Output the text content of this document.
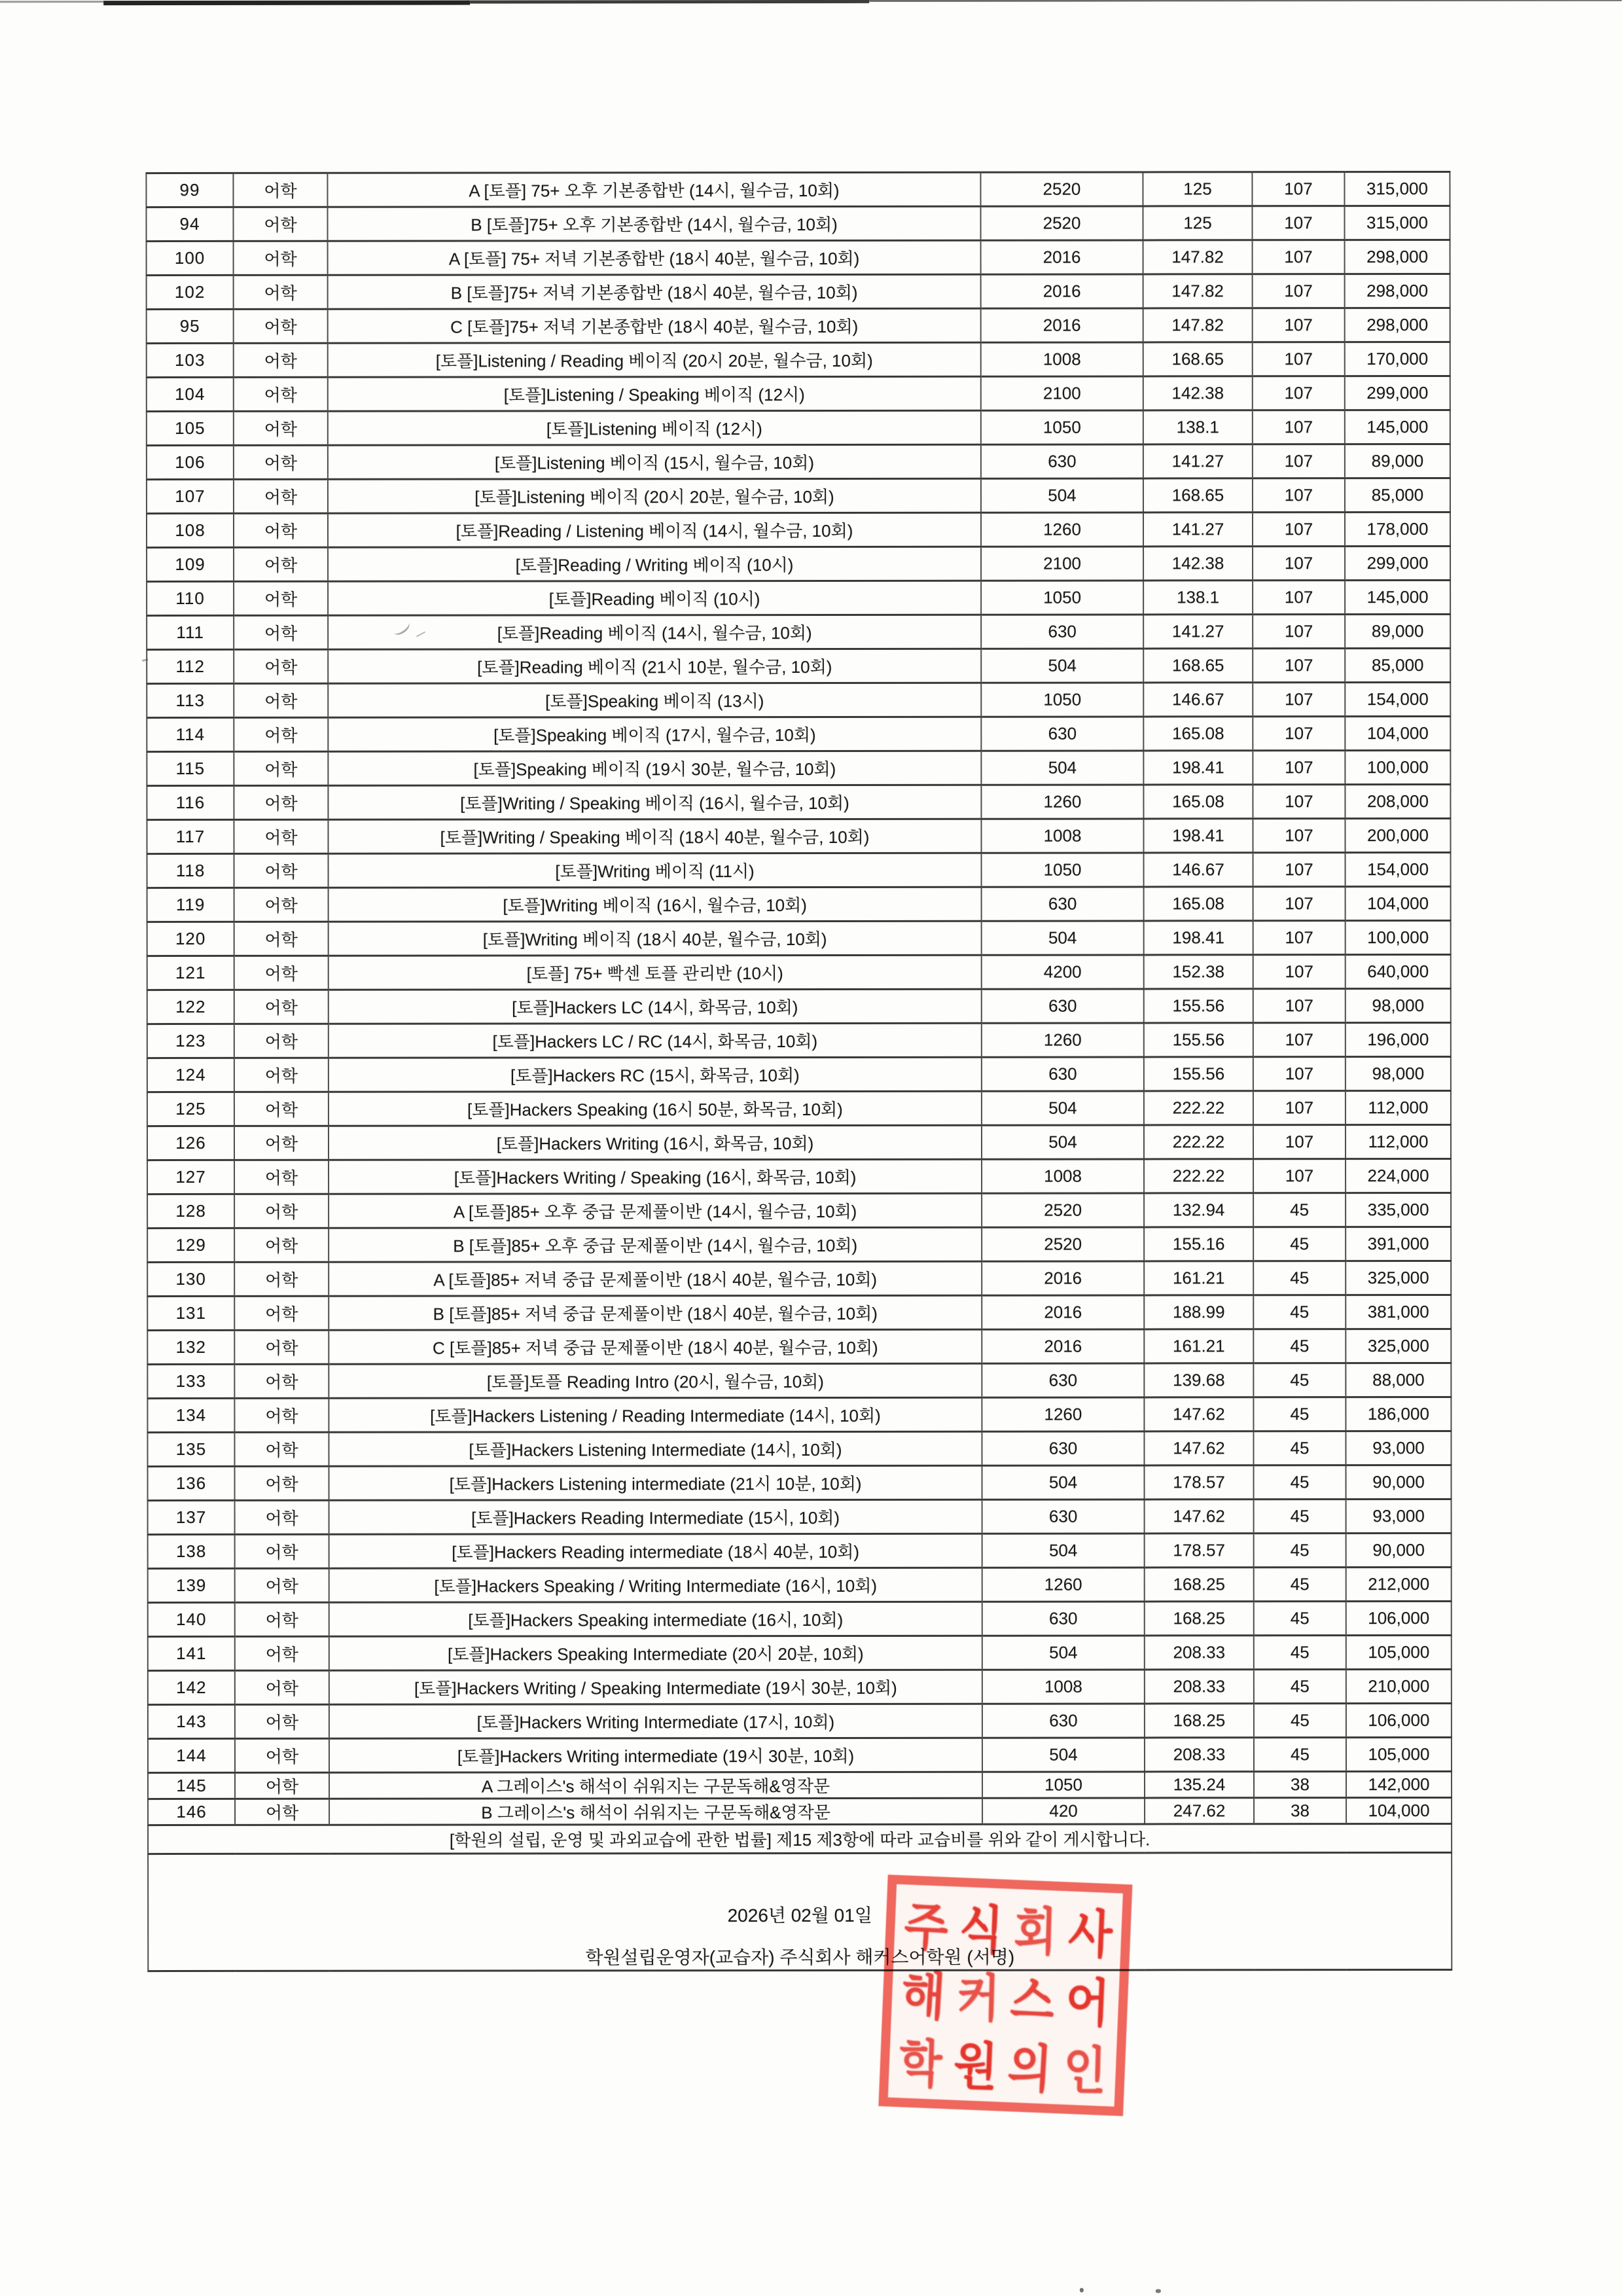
99	어학	A [토플] 75+ 오후 기본종합반 (14시, 월수금, 10회)	2520	125	107	315,000
94	어학	B [토플]75+ 오후 기본종합반 (14시, 월수금, 10회)	2520	125	107	315,000
100	어학	A [토플] 75+ 저녁 기본종합반 (18시 40분, 월수금, 10회)	2016	147.82	107	298,000
102	어학	B [토플]75+ 저녁 기본종합반 (18시 40분, 월수금, 10회)	2016	147.82	107	298,000
95	어학	C [토플]75+ 저녁 기본종합반 (18시 40분, 월수금, 10회)	2016	147.82	107	298,000
103	어학	[토플]Listening / Reading 베이직 (20시 20분, 월수금, 10회)	1008	168.65	107	170,000
104	어학	[토플]Listening / Speaking 베이직 (12시)	2100	142.38	107	299,000
105	어학	[토플]Listening 베이직 (12시)	1050	138.1	107	145,000
106	어학	[토플]Listening 베이직 (15시, 월수금, 10회)	630	141.27	107	89,000
107	어학	[토플]Listening 베이직 (20시 20분, 월수금, 10회)	504	168.65	107	85,000
108	어학	[토플]Reading / Listening 베이직 (14시, 월수금, 10회)	1260	141.27	107	178,000
109	어학	[토플]Reading / Writing 베이직 (10시)	2100	142.38	107	299,000
110	어학	[토플]Reading 베이직 (10시)	1050	138.1	107	145,000
111	어학	[토플]Reading 베이직 (14시, 월수금, 10회)	630	141.27	107	89,000
112	어학	[토플]Reading 베이직 (21시 10분, 월수금, 10회)	504	168.65	107	85,000
113	어학	[토플]Speaking 베이직 (13시)	1050	146.67	107	154,000
114	어학	[토플]Speaking 베이직 (17시, 월수금, 10회)	630	165.08	107	104,000
115	어학	[토플]Speaking 베이직 (19시 30분, 월수금, 10회)	504	198.41	107	100,000
116	어학	[토플]Writing / Speaking 베이직 (16시, 월수금, 10회)	1260	165.08	107	208,000
117	어학	[토플]Writing / Speaking 베이직 (18시 40분, 월수금, 10회)	1008	198.41	107	200,000
118	어학	[토플]Writing 베이직 (11시)	1050	146.67	107	154,000
119	어학	[토플]Writing 베이직 (16시, 월수금, 10회)	630	165.08	107	104,000
120	어학	[토플]Writing 베이직 (18시 40분, 월수금, 10회)	504	198.41	107	100,000
121	어학	[토플] 75+ 빡센 토플 관리반 (10시)	4200	152.38	107	640,000
122	어학	[토플]Hackers LC (14시, 화목금, 10회)	630	155.56	107	98,000
123	어학	[토플]Hackers LC / RC (14시, 화목금, 10회)	1260	155.56	107	196,000
124	어학	[토플]Hackers RC (15시, 화목금, 10회)	630	155.56	107	98,000
125	어학	[토플]Hackers Speaking (16시 50분, 화목금, 10회)	504	222.22	107	112,000
126	어학	[토플]Hackers Writing (16시, 화목금, 10회)	504	222.22	107	112,000
127	어학	[토플]Hackers Writing / Speaking (16시, 화목금, 10회)	1008	222.22	107	224,000
128	어학	A [토플]85+ 오후 중급 문제풀이반 (14시, 월수금, 10회)	2520	132.94	45	335,000
129	어학	B [토플]85+ 오후 중급 문제풀이반 (14시, 월수금, 10회)	2520	155.16	45	391,000
130	어학	A [토플]85+ 저녁 중급 문제풀이반 (18시 40분, 월수금, 10회)	2016	161.21	45	325,000
131	어학	B [토플]85+ 저녁 중급 문제풀이반 (18시 40분, 월수금, 10회)	2016	188.99	45	381,000
132	어학	C [토플]85+ 저녁 중급 문제풀이반 (18시 40분, 월수금, 10회)	2016	161.21	45	325,000
133	어학	[토플]토플 Reading Intro (20시, 월수금, 10회)	630	139.68	45	88,000
134	어학	[토플]Hackers Listening / Reading Intermediate (14시, 10회)	1260	147.62	45	186,000
135	어학	[토플]Hackers Listening Intermediate (14시, 10회)	630	147.62	45	93,000
136	어학	[토플]Hackers Listening intermediate (21시 10분, 10회)	504	178.57	45	90,000
137	어학	[토플]Hackers Reading Intermediate (15시, 10회)	630	147.62	45	93,000
138	어학	[토플]Hackers Reading intermediate (18시 40분, 10회)	504	178.57	45	90,000
139	어학	[토플]Hackers Speaking / Writing Intermediate (16시, 10회)	1260	168.25	45	212,000
140	어학	[토플]Hackers Speaking intermediate (16시, 10회)	630	168.25	45	106,000
141	어학	[토플]Hackers Speaking Intermediate (20시 20분, 10회)	504	208.33	45	105,000
142	어학	[토플]Hackers Writing / Speaking Intermediate (19시 30분, 10회)	1008	208.33	45	210,000
143	어학	[토플]Hackers Writing Intermediate (17시, 10회)	630	168.25	45	106,000
144	어학	[토플]Hackers Writing intermediate (19시 30분, 10회)	504	208.33	45	105,000
145	어학	A 그레이스's 해석이 쉬워지는 구문독해&영작문	1050	135.24	38	142,000
146	어학	B 그레이스's 해석이 쉬워지는 구문독해&영작문	420	247.62	38	104,000
[학원의 설립, 운영 및 과외교습에 관한 법률] 제15 제3항에 따라 교습비를 위와 같이 게시합니다.						

2026년 02월 01일
학원설립운영자(교습자) 주식회사 해커스어학원 (서명)						
주 식 회 사
해 커 스 어
학 원 의 인
